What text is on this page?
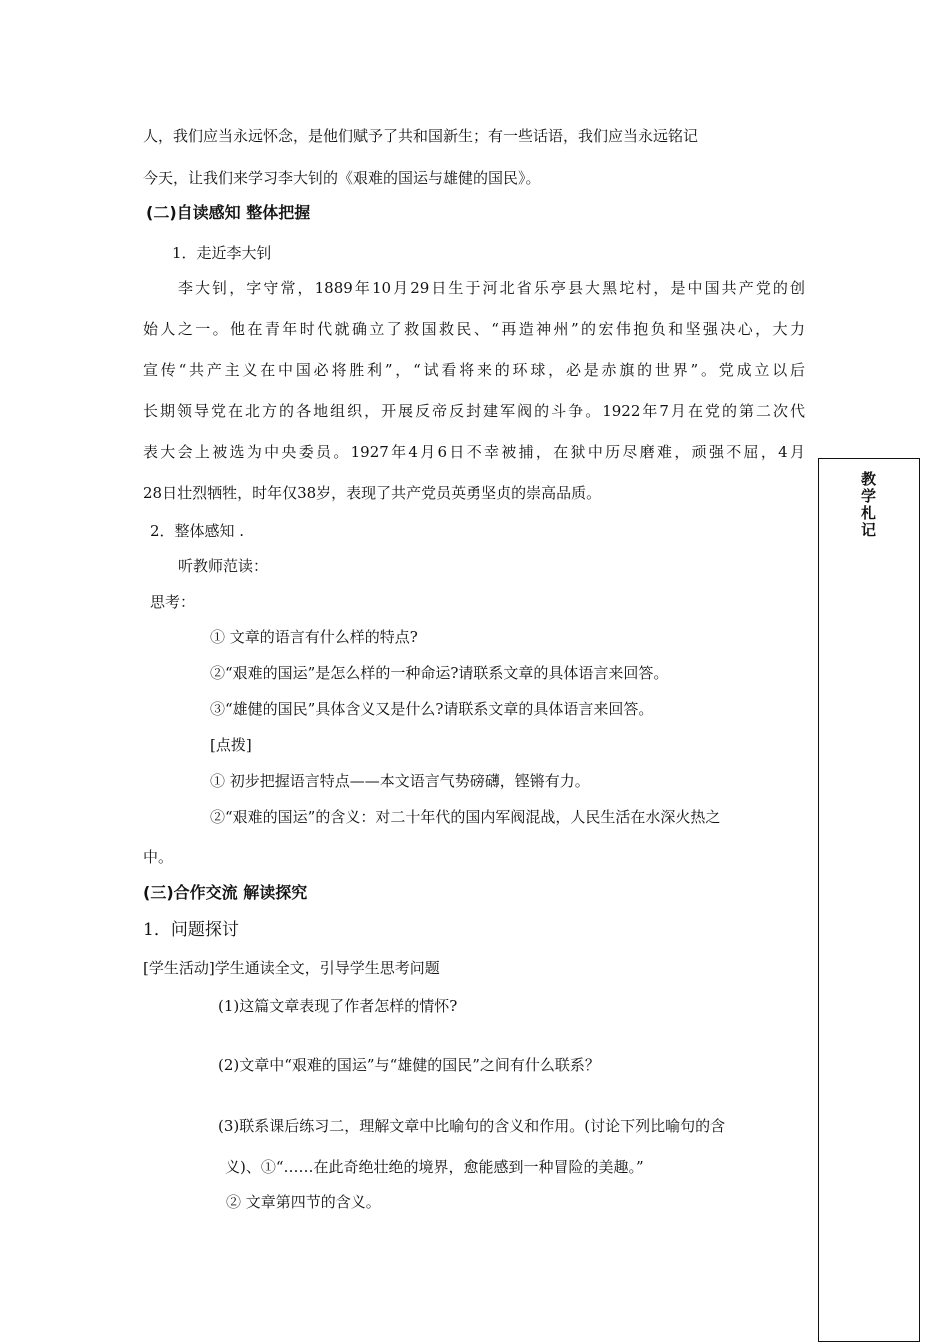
人，我们应当永远怀念，是他们赋予了共和国新生；有一些话语，我们应当永远铭记
今天，让我们来学习李大钊的《艰难的国运与雄健的国民》。
(二)自读感知 整体把握
1．走近李大钊
李大钊，字守常，1889年10月29日生于河北省乐亭县大黑坨村，是中国共产党的创
始人之一。他在青年时代就确立了救国救民、“再造神州”的宏伟抱负和坚强决心，大力
宣传“共产主义在中国必将胜利”，“试看将来的环球，必是赤旗的世界”。党成立以后
长期领导党在北方的各地组织，开展反帝反封建军阀的斗争。1922年7月在党的第二次代
表大会上被选为中央委员。1927年4月6日不幸被捕，在狱中历尽磨难，顽强不屈，4月
28日壮烈牺牲，时年仅38岁，表现了共产党员英勇坚贞的崇高品质。
2．整体感知 .
听教师范读：
思考：
① 文章的语言有什么样的特点?
②“艰难的国运”是怎么样的一种命运?请联系文章的具体语言来回答。
③“雄健的国民”具体含义又是什么?请联系文章的具体语言来回答。
[点拨]
① 初步把握语言特点——本文语言气势磅礴，铿锵有力。
②“艰难的国运”的含义：对二十年代的国内军阀混战，人民生活在水深火热之
中。
(三)合作交流 解读探究
1．问题探讨
[学生活动]学生通读全文，引导学生思考问题
(1)这篇文章表现了作者怎样的情怀?
(2)文章中“艰难的国运”与“雄健的国民”之间有什么联系？
(3)联系课后练习二，理解文章中比喻句的含义和作用。(讨论下列比喻句的含
义)、①“……在此奇绝壮绝的境界，愈能感到一种冒险的美趣。”
② 文章第四节的含义。
教学札记
